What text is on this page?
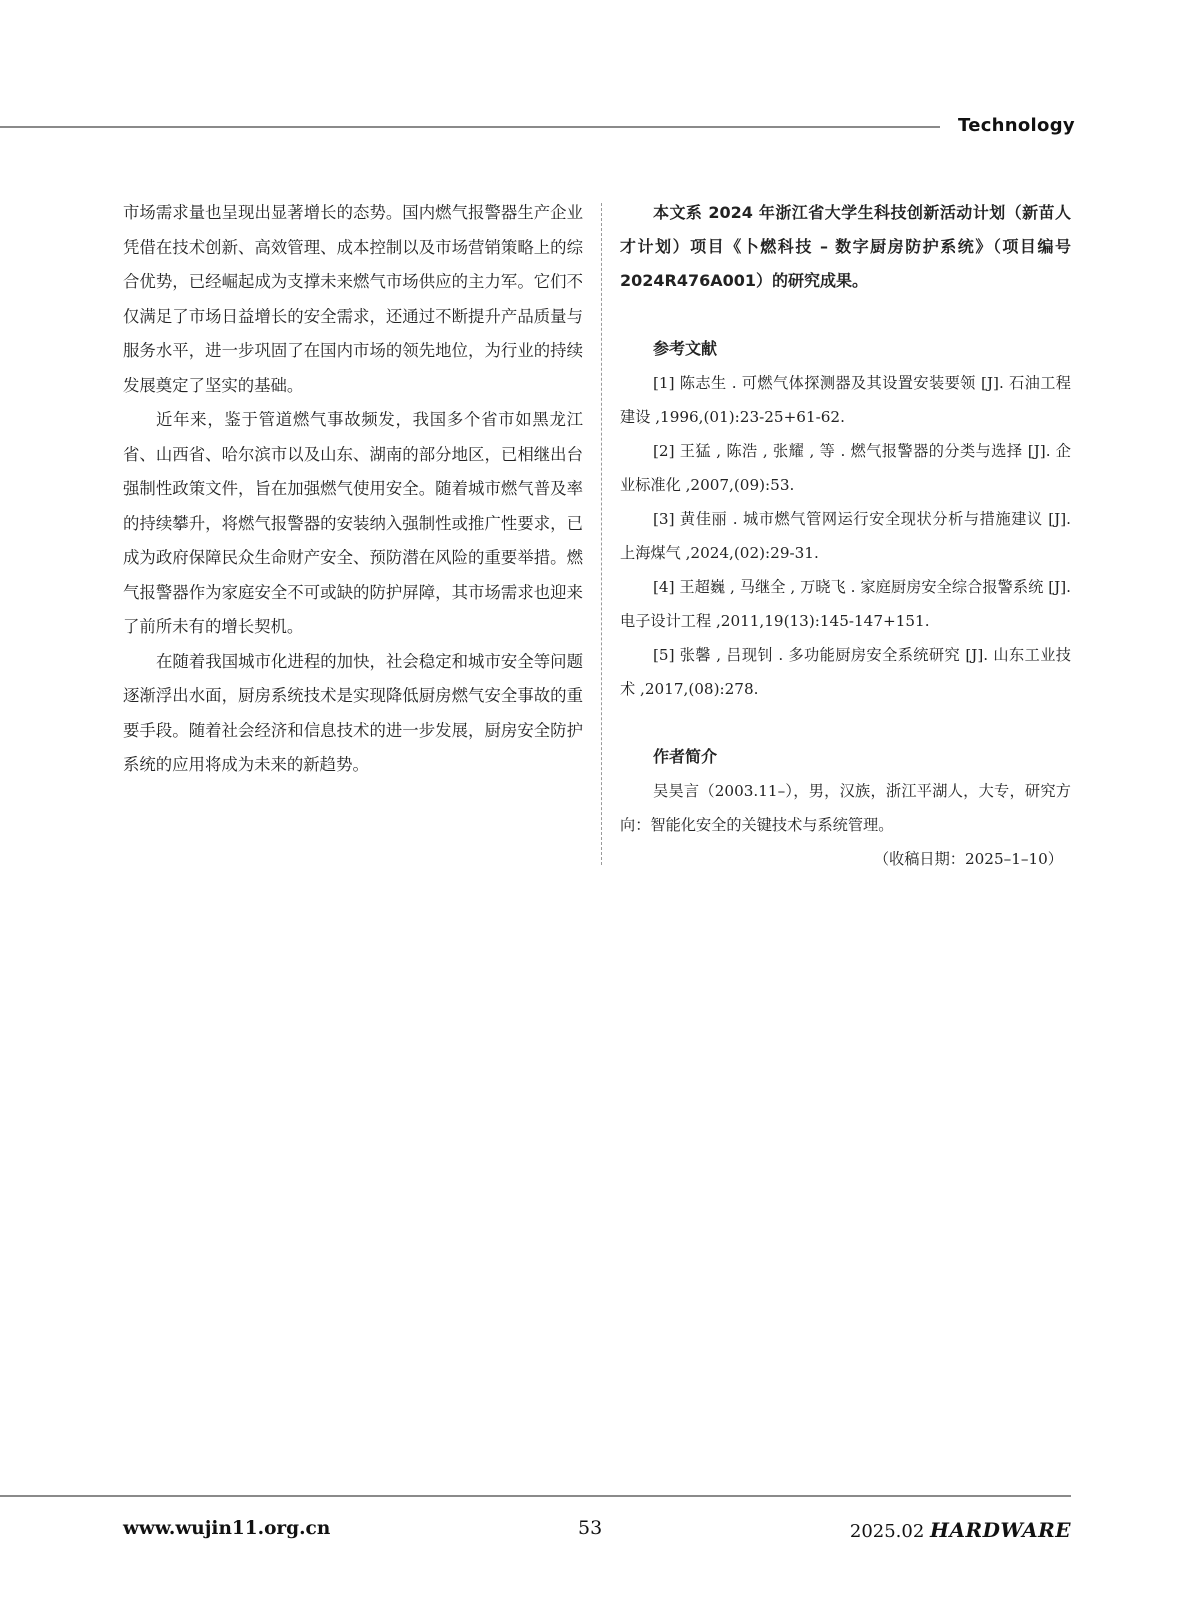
Technology

市场需求量也呈现出显著增长的态势。国内燃气报警器生产企业凭借在技术创新、高效管理、成本控制以及市场营销策略上的综合优势，已经崛起成为支撑未来燃气市场供应的主力军。它们不仅满足了市场日益增长的安全需求，还通过不断提升产品质量与服务水平，进一步巩固了在国内市场的领先地位，为行业的持续发展奠定了坚实的基础。

近年来，鉴于管道燃气事故频发，我国多个省市如黑龙江省、山西省、哈尔滨市以及山东、湖南的部分地区，已相继出台强制性政策文件，旨在加强燃气使用安全。随着城市燃气普及率的持续攀升，将燃气报警器的安装纳入强制性或推广性要求，已成为政府保障民众生命财产安全、预防潜在风险的重要举措。燃气报警器作为家庭安全不可或缺的防护屏障，其市场需求也迎来了前所未有的增长契机。

在随着我国城市化进程的加快，社会稳定和城市安全等问题逐渐浮出水面，厨房系统技术是实现降低厨房燃气安全事故的重要手段。随着社会经济和信息技术的进一步发展，厨房安全防护系统的应用将成为未来的新趋势。

本文系 2024 年浙江省大学生科技创新活动计划（新苗人才计划）项目《卜燃科技 – 数字厨房防护系统》（项目编号 2024R476A001）的研究成果。

参考文献

[1] 陈志生 . 可燃气体探测器及其设置安装要领 [J]. 石油工程建设 ,1996,(01):23-25+61-62.

[2] 王猛 , 陈浩 , 张耀 , 等 . 燃气报警器的分类与选择 [J]. 企业标准化 ,2007,(09):53.

[3] 黄佳丽 . 城市燃气管网运行安全现状分析与措施建议 [J]. 上海煤气 ,2024,(02):29-31.

[4] 王超巍 , 马继全 , 万晓飞 . 家庭厨房安全综合报警系统 [J]. 电子设计工程 ,2011,19(13):145-147+151.

[5] 张馨 , 吕现钊 . 多功能厨房安全系统研究 [J]. 山东工业技术 ,2017,(08):278.

作者简介

吴昊言（2003.11–），男，汉族，浙江平湖人，大专，研究方向：智能化安全的关键技术与系统管理。

（收稿日期：2025–1–10）

www.wujin11.org.cn	53	2025.02 HARDWARE
